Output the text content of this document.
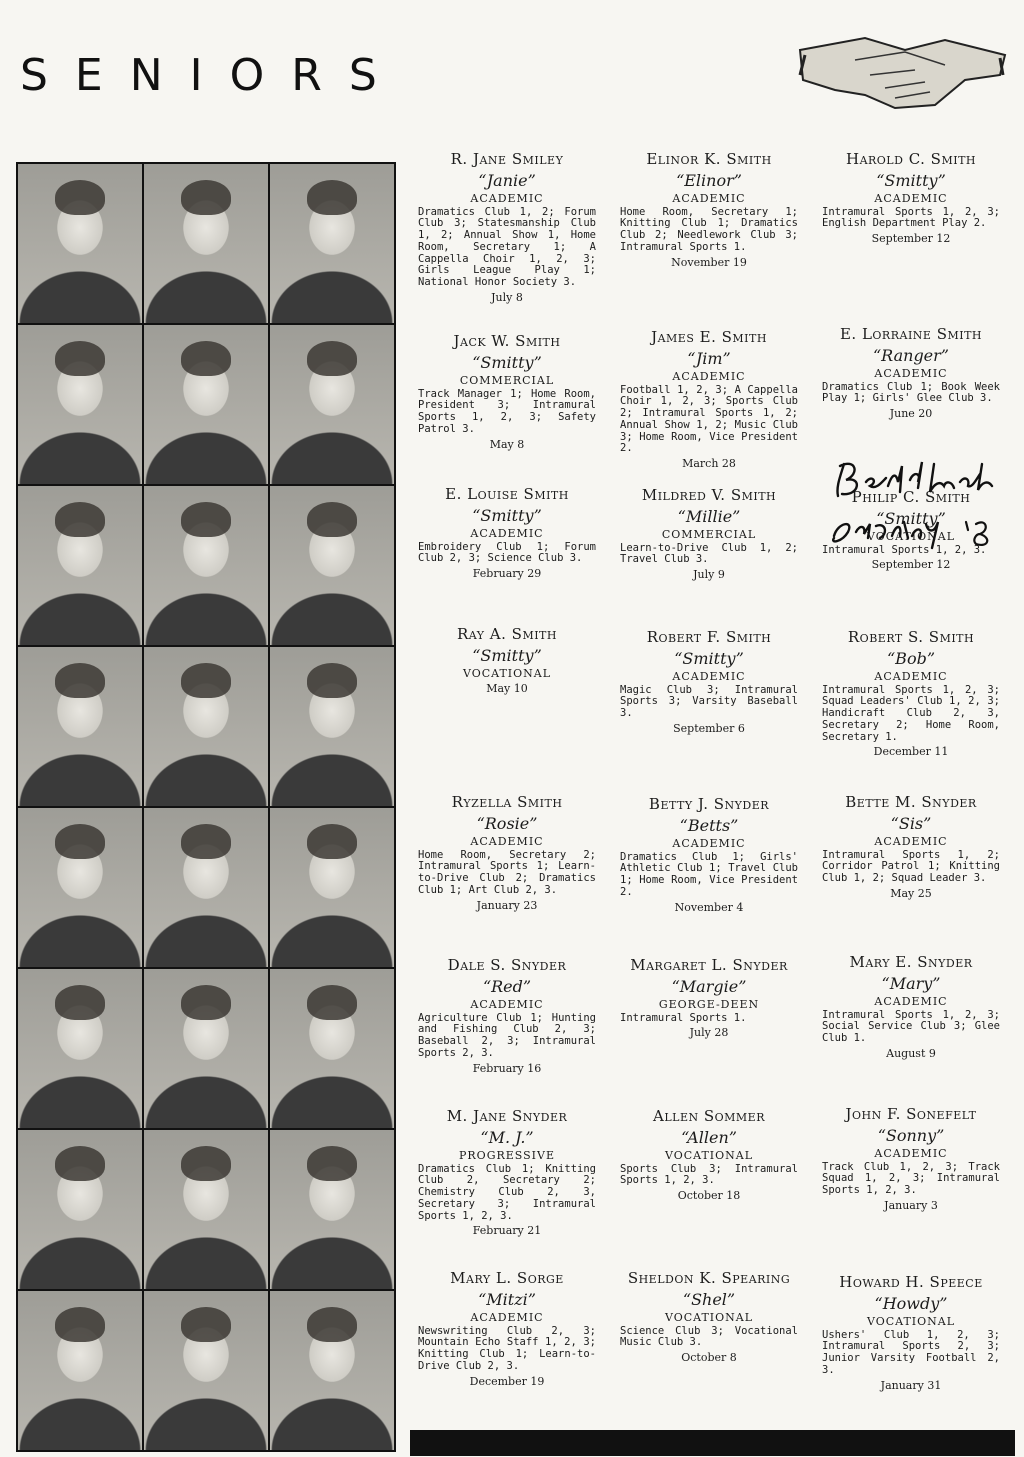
SENIORS
R. Jane Smiley
“Janie”
ACADEMIC
Dramatics Club 1, 2; Forum Club 3; Statesmanship Club 1, 2; Annual Show 1, Home Room, Secretary 1; A Cappella Choir 1, 2, 3; Girls League Play 1; National Honor Society 3.
July 8
Elinor K. Smith
“Elinor”
ACADEMIC
Home Room, Secretary 1; Knitting Club 1; Dramatics Club 2; Needlework Club 3; Intramural Sports 1.
November 19
Harold C. Smith
“Smitty”
ACADEMIC
Intramural Sports 1, 2, 3; English Department Play 2.
September 12
Jack W. Smith
“Smitty”
COMMERCIAL
Track Manager 1; Home Room, President 3; Intramural Sports 1, 2, 3; Safety Patrol 3.
May 8
James E. Smith
“Jim”
ACADEMIC
Football 1, 2, 3; A Cappella Choir 1, 2, 3; Sports Club 2; Intramural Sports 1, 2; Annual Show 1, 2; Music Club 3; Home Room, Vice President 2.
March 28
E. Lorraine Smith
“Ranger”
ACADEMIC
Dramatics Club 1; Book Week Play 1; Girls' Glee Club 3.
June 20
E. Louise Smith
“Smitty”
ACADEMIC
Embroidery Club 1; Forum Club 2, 3; Science Club 3.
February 29
Mildred V. Smith
“Millie”
COMMERCIAL
Learn-to-Drive Club 1, 2; Travel Club 3.
July 9
Philip C. Smith
“Smitty”
VOCATIONAL
Intramural Sports 1, 2, 3.
September 12
Ray A. Smith
“Smitty”
VOCATIONAL
May 10
Robert F. Smith
“Smitty”
ACADEMIC
Magic Club 3; Intramural Sports 3; Varsity Baseball 3.
September 6
Robert S. Smith
“Bob”
ACADEMIC
Intramural Sports 1, 2, 3; Squad Leaders' Club 1, 2, 3; Handicraft Club 2, 3, Secretary 2; Home Room, Secretary 1.
December 11
Ryzella Smith
“Rosie”
ACADEMIC
Home Room, Secretary 2; Intramural Sports 1; Learn-to-Drive Club 2; Dramatics Club 1; Art Club 2, 3.
January 23
Betty J. Snyder
“Betts”
ACADEMIC
Dramatics Club 1; Girls' Athletic Club 1; Travel Club 1; Home Room, Vice President 2.
November 4
Bette M. Snyder
“Sis”
ACADEMIC
Intramural Sports 1, 2; Corridor Patrol 1; Knitting Club 1, 2; Squad Leader 3.
May 25
Dale S. Snyder
“Red”
ACADEMIC
Agriculture Club 1; Hunting and Fishing Club 2, 3; Baseball 2, 3; Intramural Sports 2, 3.
February 16
Margaret L. Snyder
“Margie”
GEORGE-DEEN
Intramural Sports 1.
July 28
Mary E. Snyder
“Mary”
ACADEMIC
Intramural Sports 1, 2, 3; Social Service Club 3; Glee Club 1.
August 9
M. Jane Snyder
“M. J.”
PROGRESSIVE
Dramatics Club 1; Knitting Club 2, Secretary 2; Chemistry Club 2, 3, Secretary 3; Intramural Sports 1, 2, 3.
February 21
Allen Sommer
“Allen”
VOCATIONAL
Sports Club 3; Intramural Sports 1, 2, 3.
October 18
John F. Sonefelt
“Sonny”
ACADEMIC
Track Club 1, 2, 3; Track Squad 1, 2, 3; Intramural Sports 1, 2, 3.
January 3
Mary L. Sorge
“Mitzi”
ACADEMIC
Newswriting Club 2, 3; Mountain Echo Staff 1, 2, 3; Knitting Club 1; Learn-to-Drive Club 2, 3.
December 19
Sheldon K. Spearing
“Shel”
VOCATIONAL
Science Club 3; Vocational Music Club 3.
October 8
Howard H. Speece
“Howdy”
VOCATIONAL
Ushers' Club 1, 2, 3; Intramural Sports 2, 3; Junior Varsity Football 2, 3.
January 31
